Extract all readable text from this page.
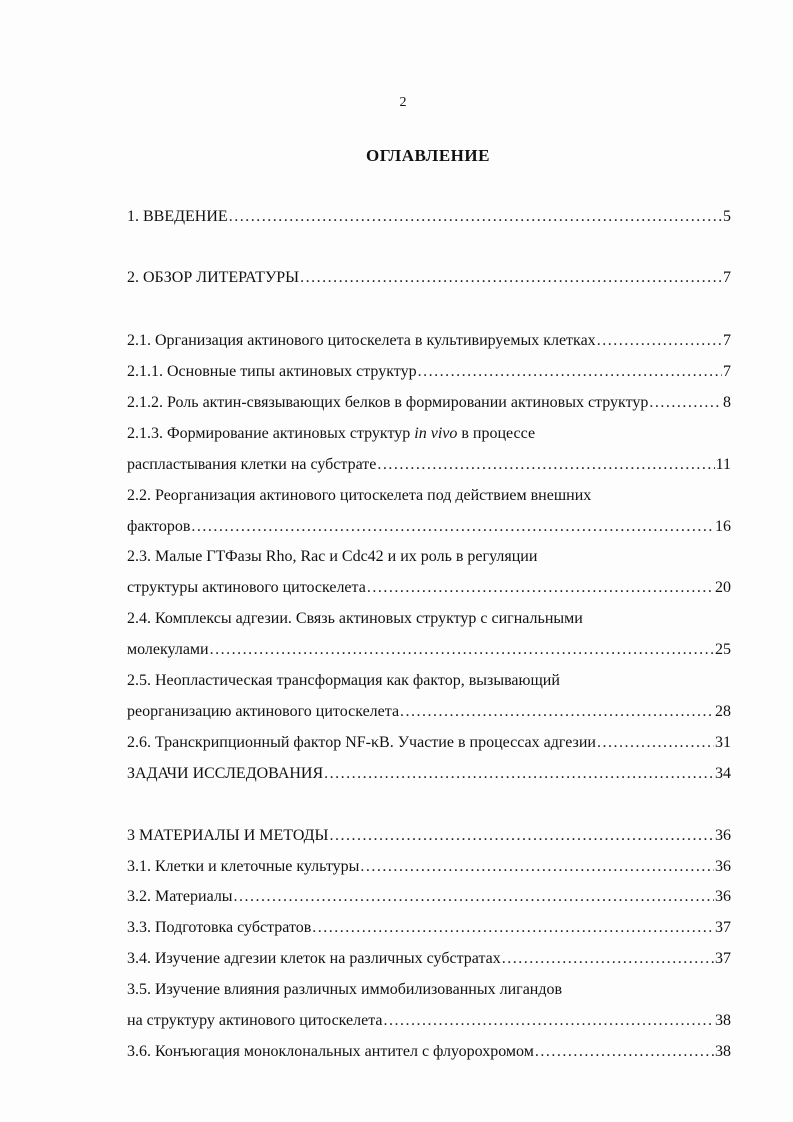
2
ОГЛАВЛЕНИЕ
1. ВВЕДЕНИЕ .....	5
2. ОБЗОР ЛИТЕРАТУРЫ .....	7
2.1. Организация актинового цитоскелета в культивируемых клетках .....	7
2.1.1. Основные типы актиновых структур .....	7
2.1.2. Роль актин-связывающих белков в формировании актиновых структур .....	8
2.1.3. Формирование актиновых структур in vivo в процессе
распластывания клетки на субстрате .....	11
2.2. Реорганизация актинового цитоскелета под действием внешних
факторов .....	16
2.3. Малые ГТФазы Rho, Rac и Cdc42 и их роль в регуляции
структуры актинового цитоскелета .....	20
2.4. Комплексы адгезии. Связь актиновых структур с сигнальными
молекулами .....	25
2.5. Неопластическая трансформация как фактор, вызывающий
реорганизацию актинового цитоскелета .....	28
2.6. Транскрипционный фактор NF-κB. Участие в процессах адгезии .....	31
ЗАДАЧИ ИССЛЕДОВАНИЯ .....	34
3 МАТЕРИАЛЫ И МЕТОДЫ .....	36
3.1. Клетки и клеточные культуры .....	36
3.2. Материалы .....	36
3.3. Подготовка субстратов .....	37
3.4. Изучение адгезии клеток на различных субстратах .....	37
3.5. Изучение влияния различных иммобилизованных лигандов
на структуру актинового цитоскелета .....	38
3.6. Конъюгация моноклональных антител с флуорохромом .....	38
